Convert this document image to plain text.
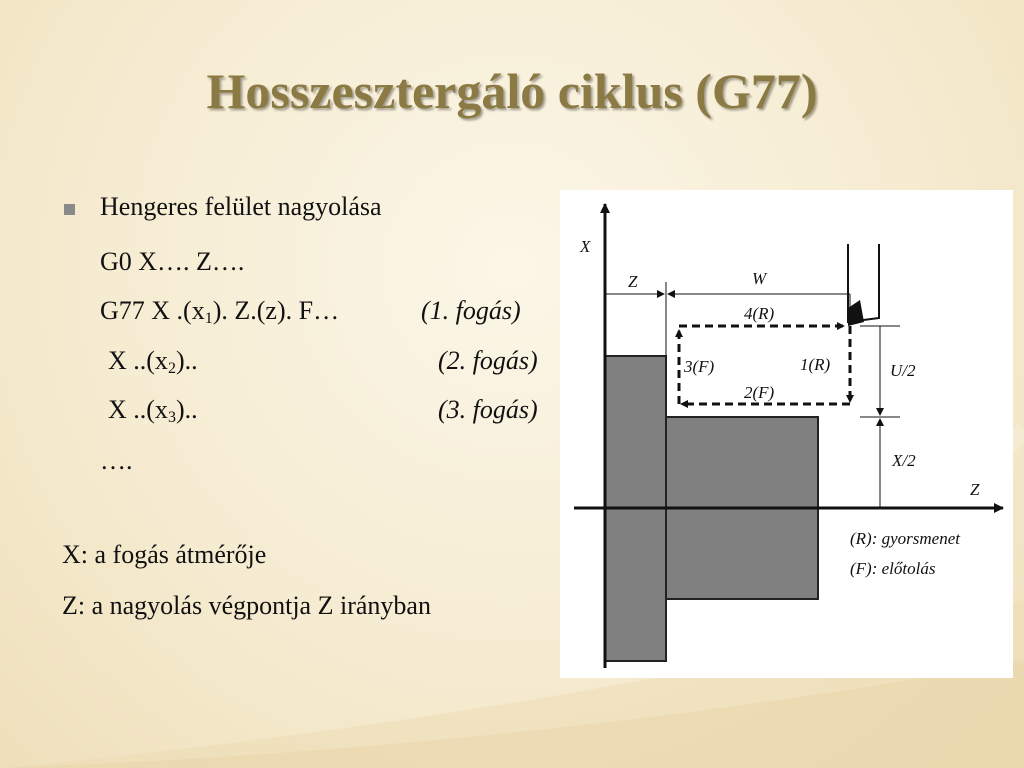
Hosszesztergáló ciklus (G77)
Hengeres felület nagyolása
G0 X…. Z….
G77 X $.(x_1)$. Z.(z). F…	(1. fogás)
X $..(x_2)$..	(2. fogás)
X $..(x_3)$..	(3. fogás)
….
X: a fogás átmérője
Z: a nagyolás végpontja Z irányban
X
Z
Z	W
4(R)
3(F)	1(R)
2(F)
U/2
X/2
(R): gyorsmenet
(F): előtolás
